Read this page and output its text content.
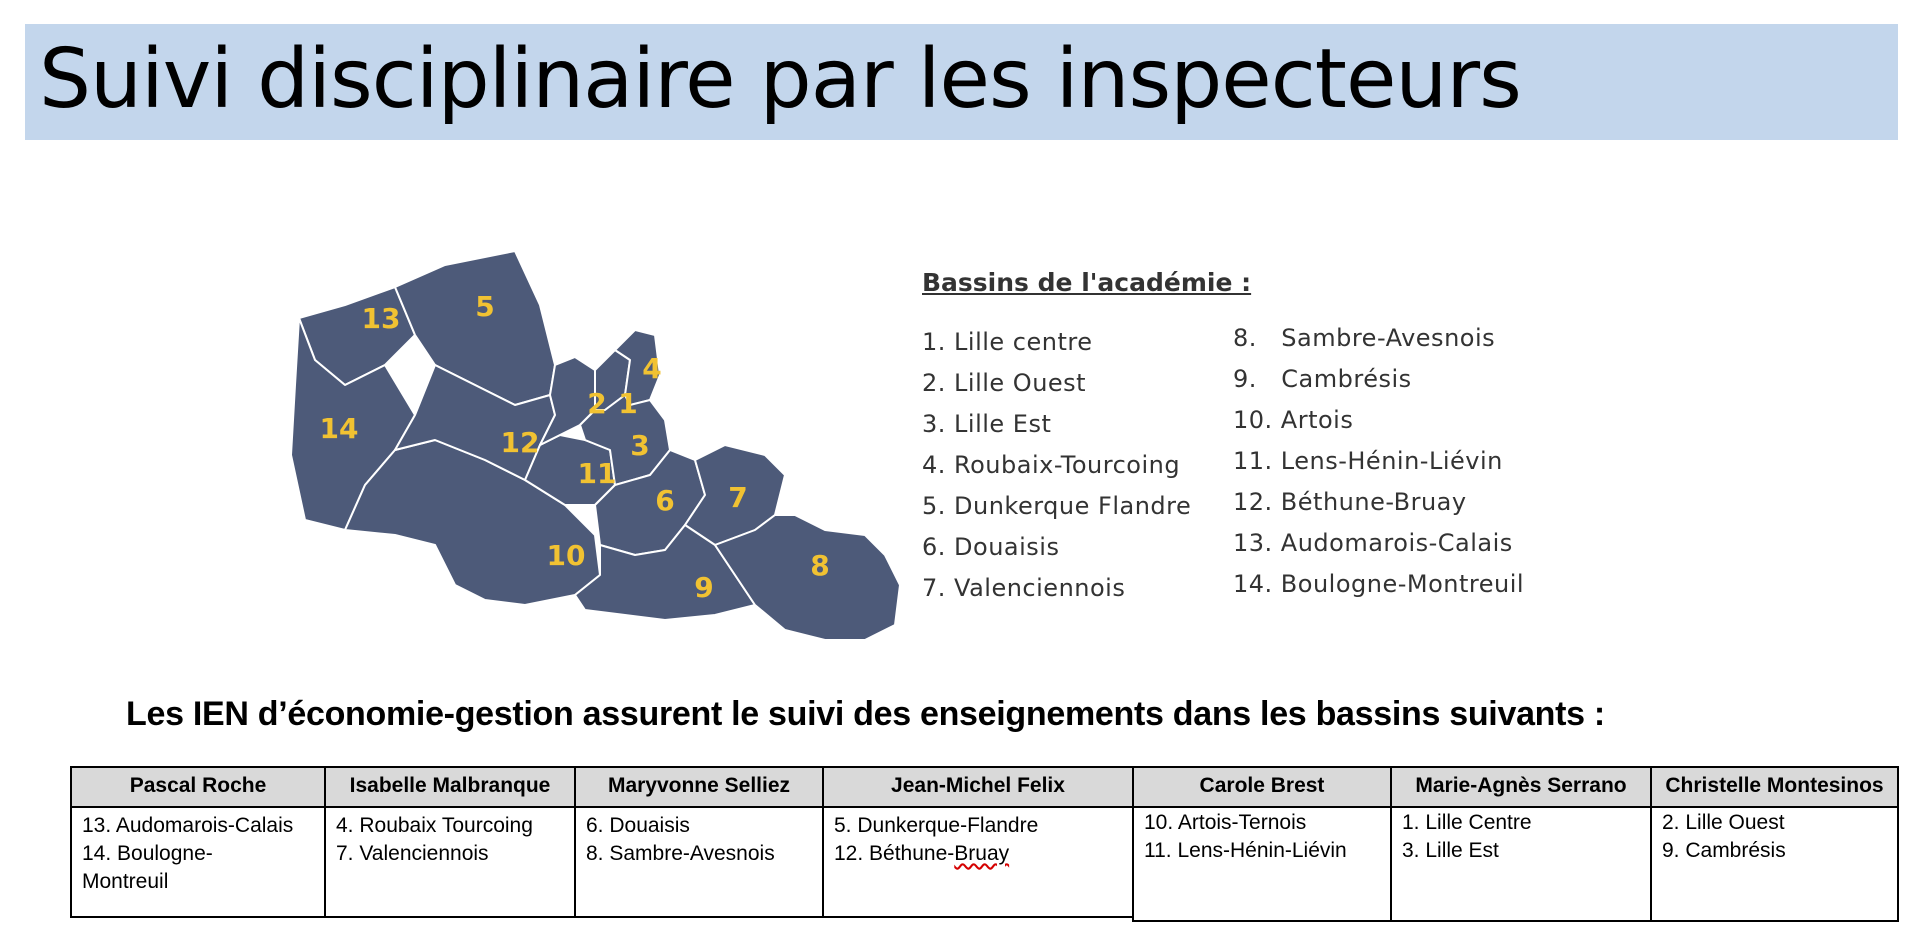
Suivi disciplinaire par les inspecteurs
13	5
14	12
2 1
4
3
11
6 7
10
9
8
Bassins de l'académie :
1. Lille centre
2. Lille Ouest
3. Lille Est
4. Roubaix-Tourcoing
5. Dunkerque Flandre
6. Douaisis
7. Valenciennois
8.   Sambre-Avesnois
9.   Cambrésis
10. Artois
11. Lens-Hénin-Liévin
12. Béthune-Bruay
13. Audomarois-Calais
14. Boulogne-Montreuil
Les IEN d’économie-gestion assurent le suivi des enseignements dans les bassins suivants :
Pascal Roche
13. Audomarois-Calais
14. Boulogne-Montreuil
Isabelle Malbranque
4. Roubaix Tourcoing
7. Valenciennois
Maryvonne Selliez
6. Douaisis
8. Sambre-Avesnois
Jean-Michel Felix
5. Dunkerque-Flandre
12. Béthune-Bruay
Carole Brest
10. Artois-Ternois
11. Lens-Hénin-Liévin
Marie-Agnès Serrano
1. Lille Centre
3. Lille Est
Christelle Montesinos
2. Lille Ouest
9. Cambrésis
